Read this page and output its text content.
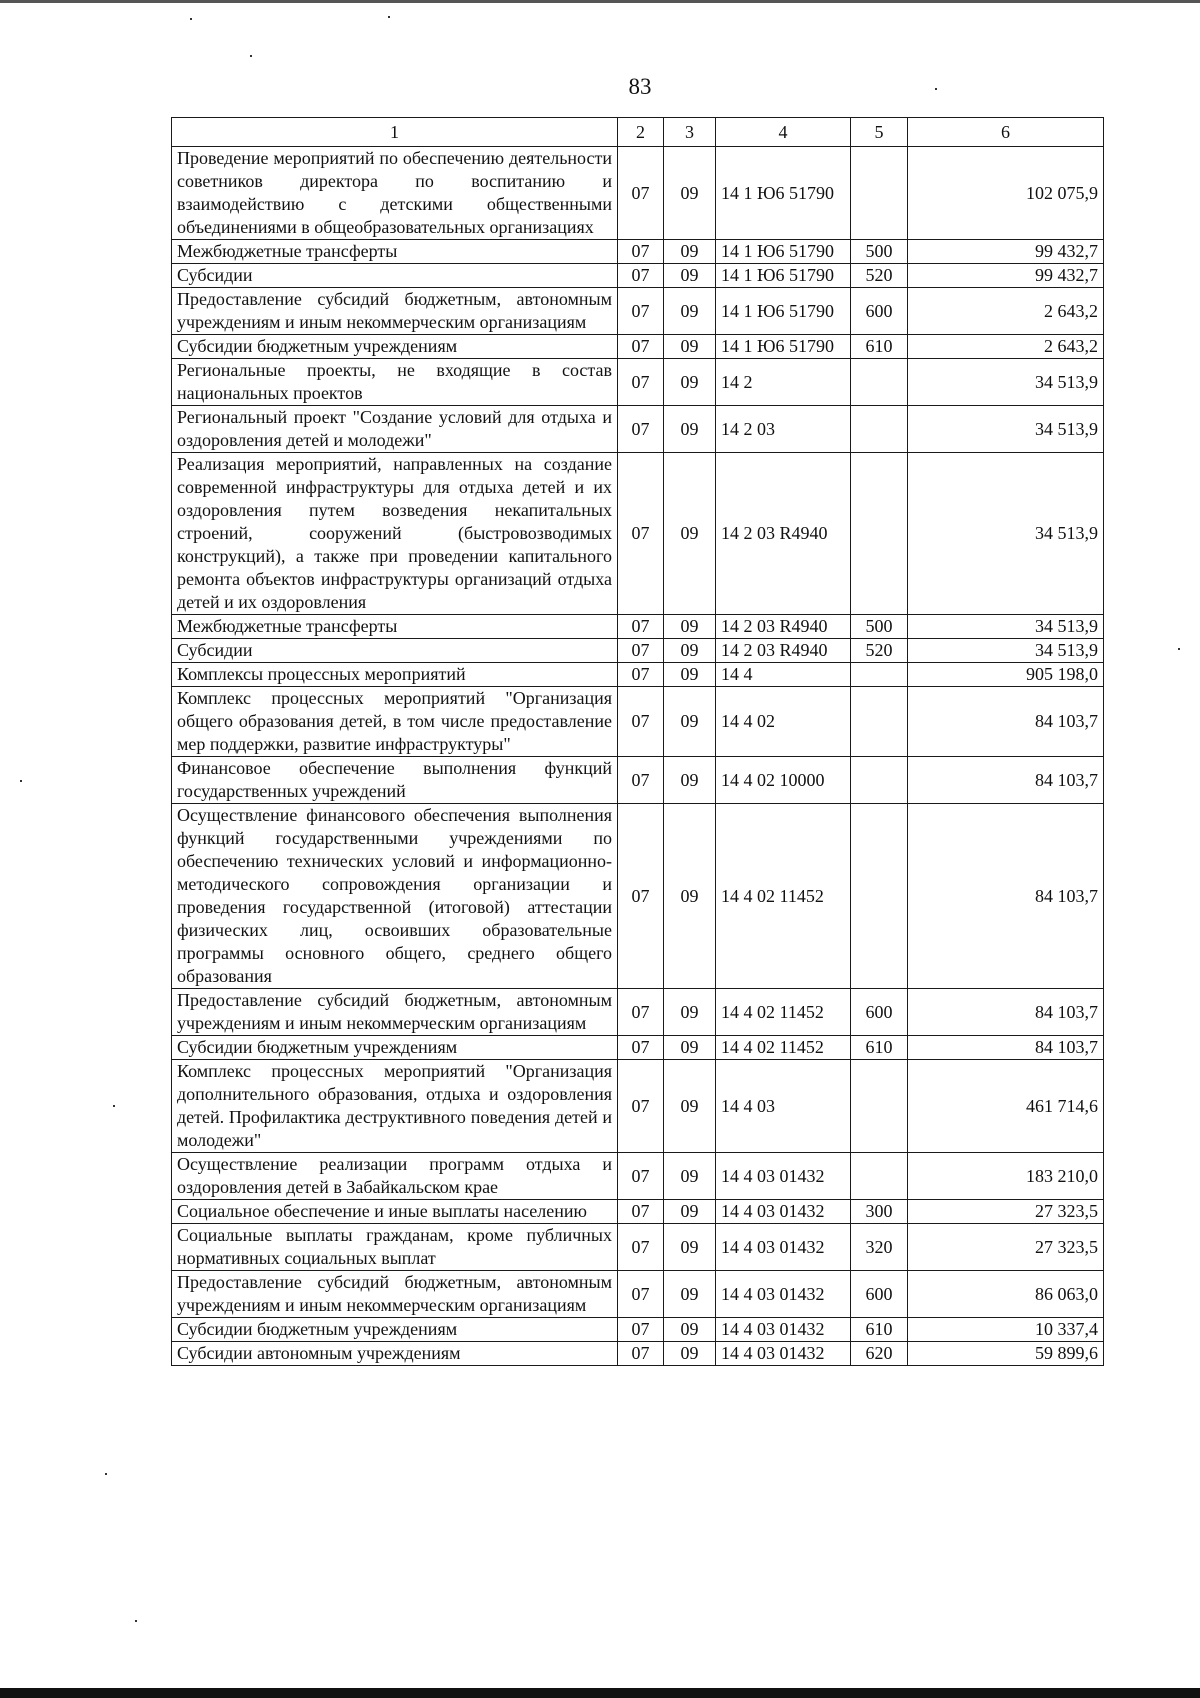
83
1	2	3	4	5	6
Проведение мероприятий по обеспечению деятельности советников директора по воспитанию и взаимодействию с детскими общественными объединениями в общеобразовательных организациях	07	09	14 1 Ю6 51790		102 075,9
Межбюджетные трансферты	07	09	14 1 Ю6 51790	500	99 432,7
Субсидии	07	09	14 1 Ю6 51790	520	99 432,7
Предоставление субсидий бюджетным, автономным учреждениям и иным некоммерческим организациям	07	09	14 1 Ю6 51790	600	2 643,2
Субсидии бюджетным учреждениям	07	09	14 1 Ю6 51790	610	2 643,2
Региональные проекты, не входящие в состав национальных проектов	07	09	14 2		34 513,9
Региональный проект "Создание условий для отдыха и оздоровления детей и молодежи"	07	09	14 2 03		34 513,9
Реализация мероприятий, направленных на создание современной инфраструктуры для отдыха детей и их оздоровления путем возведения некапитальных строений, сооружений (быстровозводимых конструкций), а также при проведении капитального ремонта объектов инфраструктуры организаций отдыха детей и их оздоровления	07	09	14 2 03 R4940		34 513,9
Межбюджетные трансферты	07	09	14 2 03 R4940	500	34 513,9
Субсидии	07	09	14 2 03 R4940	520	34 513,9
Комплексы процессных мероприятий	07	09	14 4		905 198,0
Комплекс процессных мероприятий "Организация общего образования детей, в том числе предоставление мер поддержки, развитие инфраструктуры"	07	09	14 4 02		84 103,7
Финансовое обеспечение выполнения функций государственных учреждений	07	09	14 4 02 10000		84 103,7
Осуществление финансового обеспечения выполнения функций государственными учреждениями по обеспечению технических условий и информационно-методического сопровождения организации и проведения государственной (итоговой) аттестации физических лиц, освоивших образовательные программы основного общего, среднего общего образования	07	09	14 4 02 11452		84 103,7
Предоставление субсидий бюджетным, автономным учреждениям и иным некоммерческим организациям	07	09	14 4 02 11452	600	84 103,7
Субсидии бюджетным учреждениям	07	09	14 4 02 11452	610	84 103,7
Комплекс процессных мероприятий "Организация дополнительного образования, отдыха и оздоровления детей. Профилактика деструктивного поведения детей и молодежи"	07	09	14 4 03		461 714,6
Осуществление реализации программ отдыха и оздоровления детей в Забайкальском крае	07	09	14 4 03 01432		183 210,0
Социальное обеспечение и иные выплаты населению	07	09	14 4 03 01432	300	27 323,5
Социальные выплаты гражданам, кроме публичных нормативных социальных выплат	07	09	14 4 03 01432	320	27 323,5
Предоставление субсидий бюджетным, автономным учреждениям и иным некоммерческим организациям	07	09	14 4 03 01432	600	86 063,0
Субсидии бюджетным учреждениям	07	09	14 4 03 01432	610	10 337,4
Субсидии автономным учреждениям	07	09	14 4 03 01432	620	59 899,6
